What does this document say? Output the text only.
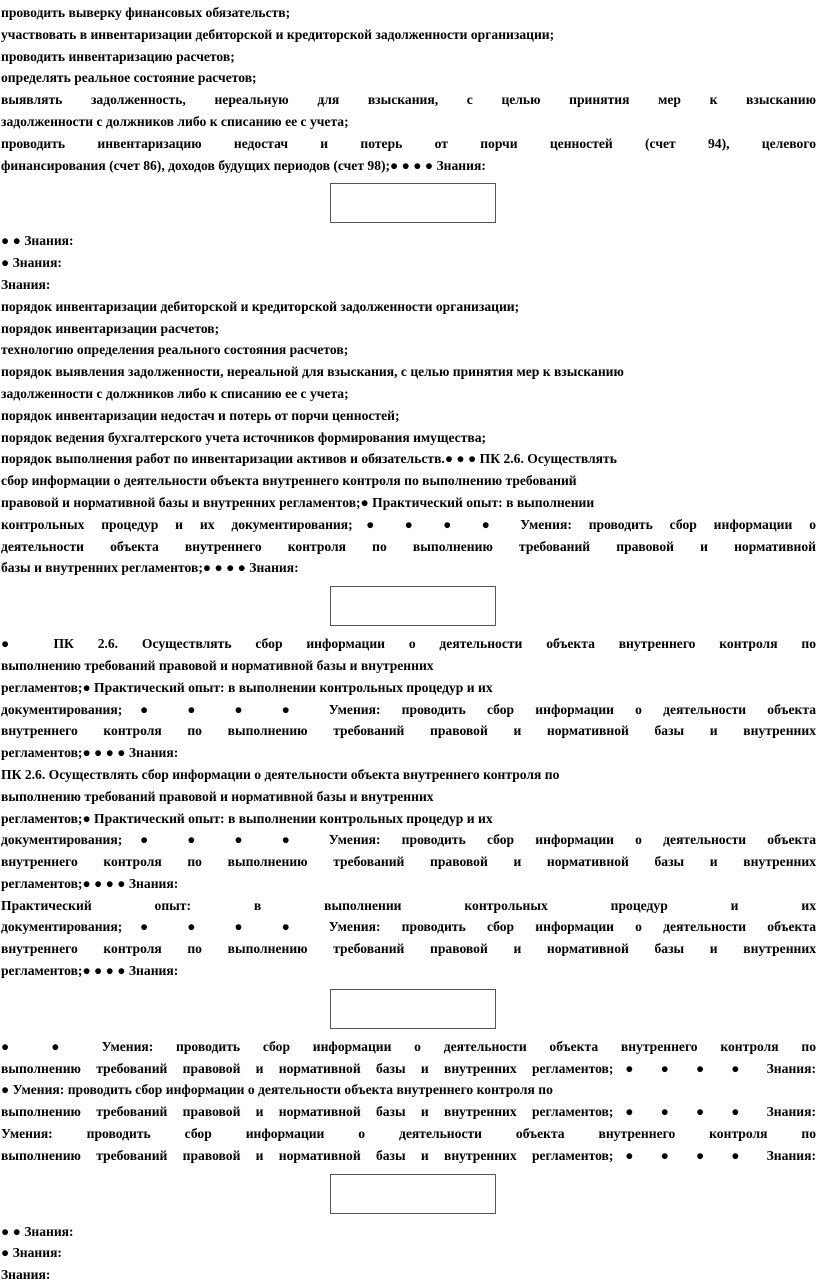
проводить выверку финансовых обязательств;
участвовать в инвентаризации дебиторской и кредиторской задолженности организации;
проводить инвентаризацию расчетов;
определять реальное состояние расчетов;
выявлять задолженность, нереальную для взыскания, с целью принятия мер к взысканию
задолженности с должников либо к списанию ее с учета;
проводить инвентаризацию недостач и потерь от порчи ценностей (счет 94), целевого
финансирования (счет 86), доходов будущих периодов (счет 98);● ● ● ● Знания:
● ● Знания:
● Знания:
Знания:
порядок инвентаризации дебиторской и кредиторской задолженности организации;
порядок инвентаризации расчетов;
технологию определения реального состояния расчетов;
порядок выявления задолженности, нереальной для взыскания, с целью принятия мер к взысканию
задолженности с должников либо к списанию ее с учета;
порядок инвентаризации недостач и потерь от порчи ценностей;
порядок ведения бухгалтерского учета источников формирования имущества;
порядок выполнения работ по инвентаризации активов и обязательств.● ● ● ПК 2.6. Осуществлять
сбор информации о деятельности объекта внутреннего контроля по выполнению требований
правовой и нормативной базы и внутренних регламентов;● Практический опыт: в выполнении
контрольных процедур и их документирования;● ● ● ● Умения: проводить сбор информации о
деятельности объекта внутреннего контроля по выполнению требований правовой и нормативной
базы и внутренних регламентов;● ● ● ● Знания:
● ПК 2.6. Осуществлять сбор информации о деятельности объекта внутреннего контроля по
выполнению требований правовой и нормативной базы и внутренних
регламентов;● Практический опыт: в выполнении контрольных процедур и их
документирования;● ● ● ● Умения: проводить сбор информации о деятельности объекта
внутреннего контроля по выполнению требований правовой и нормативной базы и внутренних
регламентов;● ● ● ● Знания:
ПК 2.6. Осуществлять сбор информации о деятельности объекта внутреннего контроля по
выполнению требований правовой и нормативной базы и внутренних
регламентов;● Практический опыт: в выполнении контрольных процедур и их
документирования;● ● ● ● Умения: проводить сбор информации о деятельности объекта
внутреннего контроля по выполнению требований правовой и нормативной базы и внутренних
регламентов;● ● ● ● Знания:
Практический опыт: в выполнении контрольных процедур и их
документирования;● ● ● ● Умения: проводить сбор информации о деятельности объекта
внутреннего контроля по выполнению требований правовой и нормативной базы и внутренних
регламентов;● ● ● ● Знания:
● ● Умения: проводить сбор информации о деятельности объекта внутреннего контроля по
выполнению требований правовой и нормативной базы и внутренних регламентов;● ● ● ● Знания:
● Умения: проводить сбор информации о деятельности объекта внутреннего контроля по
выполнению требований правовой и нормативной базы и внутренних регламентов;● ● ● ● Знания:
Умения: проводить сбор информации о деятельности объекта внутреннего контроля по
выполнению требований правовой и нормативной базы и внутренних регламентов;● ● ● ● Знания:
● ● Знания:
● Знания:
Знания:
